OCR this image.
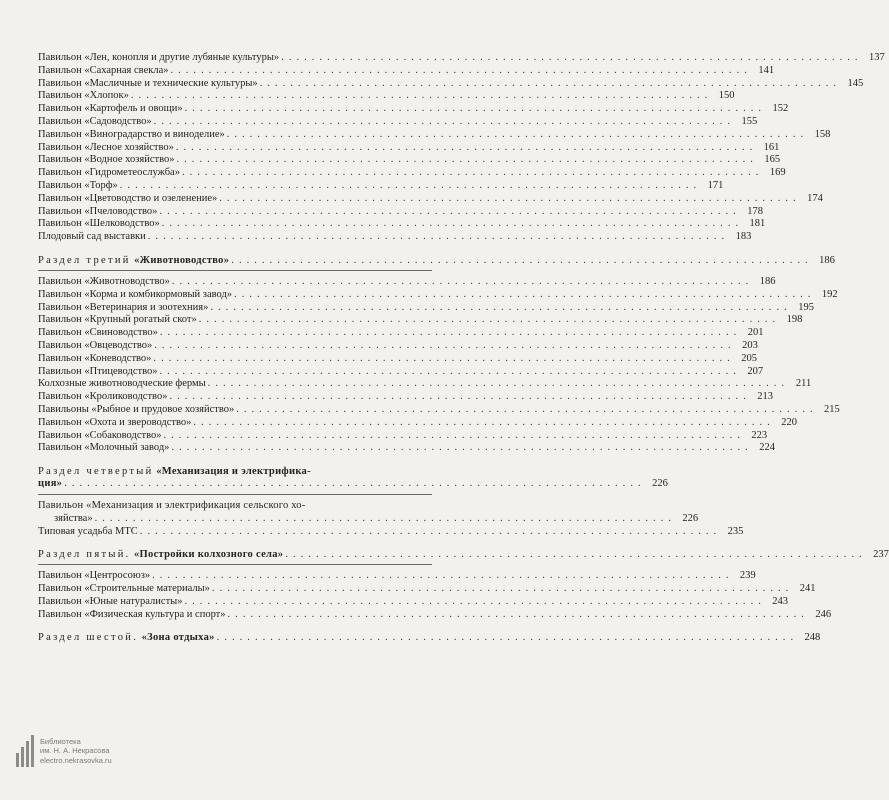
Павильон «Лен, конопля и другие лубяные культуры» . . .	137
Павильон «Сахарная свекла» . . .	141
Павильон «Масличные и технические культуры» . . .	145
Павильон «Хлопок» . . .	150
Павильон «Картофель и овощи» . . .	152
Павильон «Садоводство» . . .	155
Павильон «Виноградарство и виноделие» . . .	158
Павильон «Лесное хозяйство» . . .	161
Павильон «Водное хозяйство» . . .	165
Павильон «Гидрометеослужба» . . .	169
Павильон «Торф» . . .	171
Павильон «Цветоводство и озеленение» . . .	174
Павильон «Пчеловодство» . . .	178
Павильон «Шелководство» . . .	181
Плодовый сад выставки . . .	183
Раздел третий «Животноводство» . . .	186
Павильон «Животноводство» . . .	186
Павильон «Корма и комбикормовый завод» . . .	192
Павильон «Ветеринария и зоотехния» . . .	195
Павильон «Крупный рогатый скот» . . .	198
Павильон «Свиноводство» . . .	201
Павильон «Овцеводство» . . .	203
Павильон «Коневодство» . . .	205
Павильон «Птицеводство» . . .	207
Колхозные животноводческие фермы . . .	211
Павильон «Кролиководство» . . .	213
Павильоны «Рыбное и прудовое хозяйство» . . .	215
Павильон «Охота и звероводство» . . .	220
Павильон «Собаководство» . . .	223
Павильон «Молочный завод» . . .	224
Раздел четвертый «Механизация и электрифика-
ция» . . .	226
Павильон «Механизация и электрификация сельского хо-
зяйства» . . .	226
Типовая усадьба МТС . . .	235
Раздел пятый. «Постройки колхозного села» . . .	237
Павильон «Центросоюз» . . .	239
Павильон «Строительные материалы» . . .	241
Павильон «Юные натуралисты» . . .	243
Павильон «Физическая культура и спорт» . . .	246
Раздел шестой. «Зона отдыха» . . .	248
Библиотека
им. Н. А. Некрасова
electro.nekrasovka.ru
